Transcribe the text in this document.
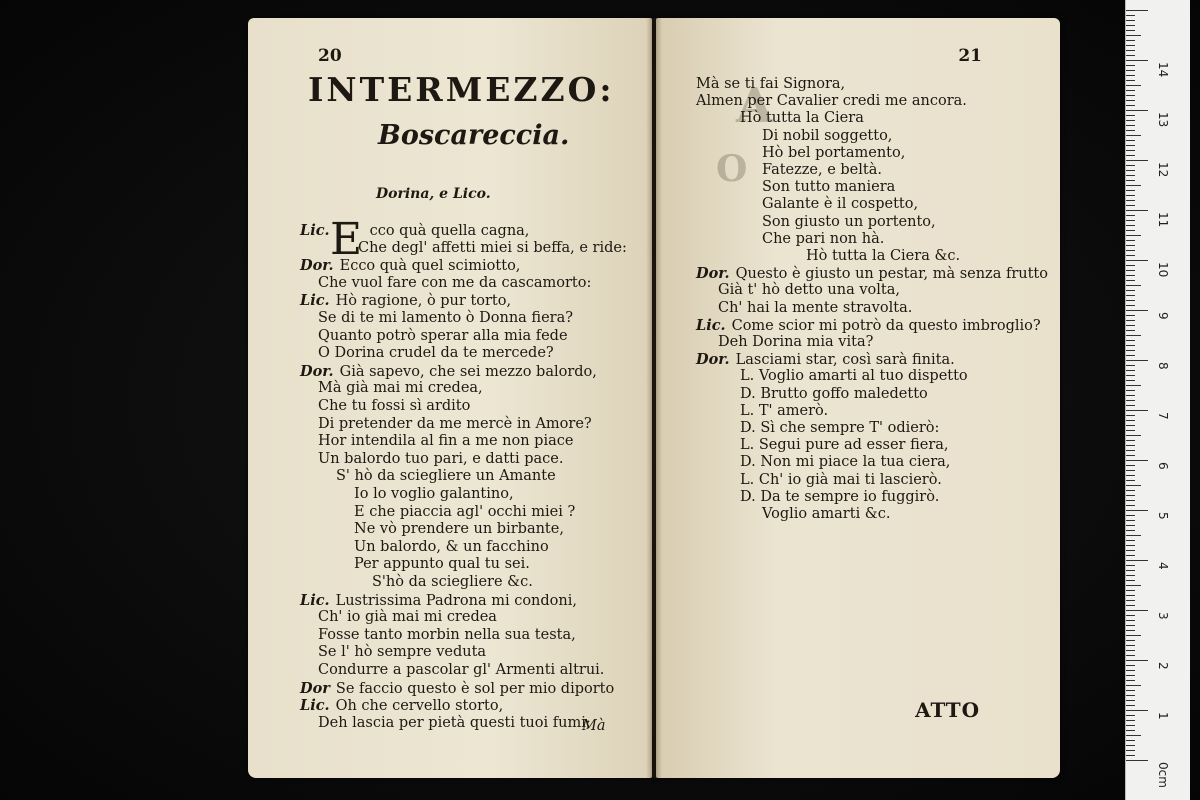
20
INTERMEZZO:
Boscareccia.
Dorina, e Lico.
E
Lic.	cco quà quella cagna,
Che degl' affetti miei si beffa, e ride:
Dor. Ecco quà quel scimiotto,
Che vuol fare con me da cascamorto:
Lic. Hò ragione, ò pur torto,
Se di te mi lamento ò Donna fiera?
Quanto potrò sperar alla mia fede
O Dorina crudel da te mercede?
Dor. Già sapevo, che sei mezzo balordo,
Mà già mai mi credea,
Che tu fossi sì ardito
Di pretender da me mercè in Amore?
Hor intendila al fin a me non piace
Un balordo tuo pari, e datti pace.
S' hò da sciegliere un Amante
Io lo voglio galantino,
E che piaccia agl' occhi miei ?
Ne vò prendere un birbante,
Un balordo, & un facchino
Per appunto qual tu sei.
S'hò da sciegliere &c.
Lic. Lustrissima Padrona mi condoni,
Ch' io già mai mi credea
Fosse tanto morbin nella sua testa,
Se l' hò sempre veduta
Condurre a pascolar gl' Armenti altrui.
Dor Se faccio questo è sol per mio diporto
Lic. Oh che cervello storto,
Deh lascia per pietà questi tuoi fumi;
Mà
A
O
21
Mà se ti fai Signora,
Almen per Cavalier credi me ancora.
Hò tutta la Ciera
Di nobil soggetto,
Hò bel portamento,
Fatezze, e beltà.
Son tutto maniera
Galante è il cospetto,
Son giusto un portento,
Che pari non hà.
Hò tutta la Ciera &c.
Dor. Questo è giusto un pestar, mà senza frutto
Già t' hò detto una volta,
Ch' hai la mente stravolta.
Lic. Come scior mi potrò da questo imbroglio?
Deh Dorina mia vita?
Dor. Lasciami star, così sarà finita.
L. Voglio amarti al tuo dispetto
D. Brutto goffo maledetto
L. T' amerò.
D. Sì che sempre T' odierò:
L. Segui pure ad esser fiera,
D. Non mi piace la tua ciera,
L. Ch' io già mai ti lascierò.
D. Da te sempre io fuggirò.
Voglio amarti &c.
ATTO
0cm
1
2
3
4
5
6
7
8
9
10
11
12
13
14
